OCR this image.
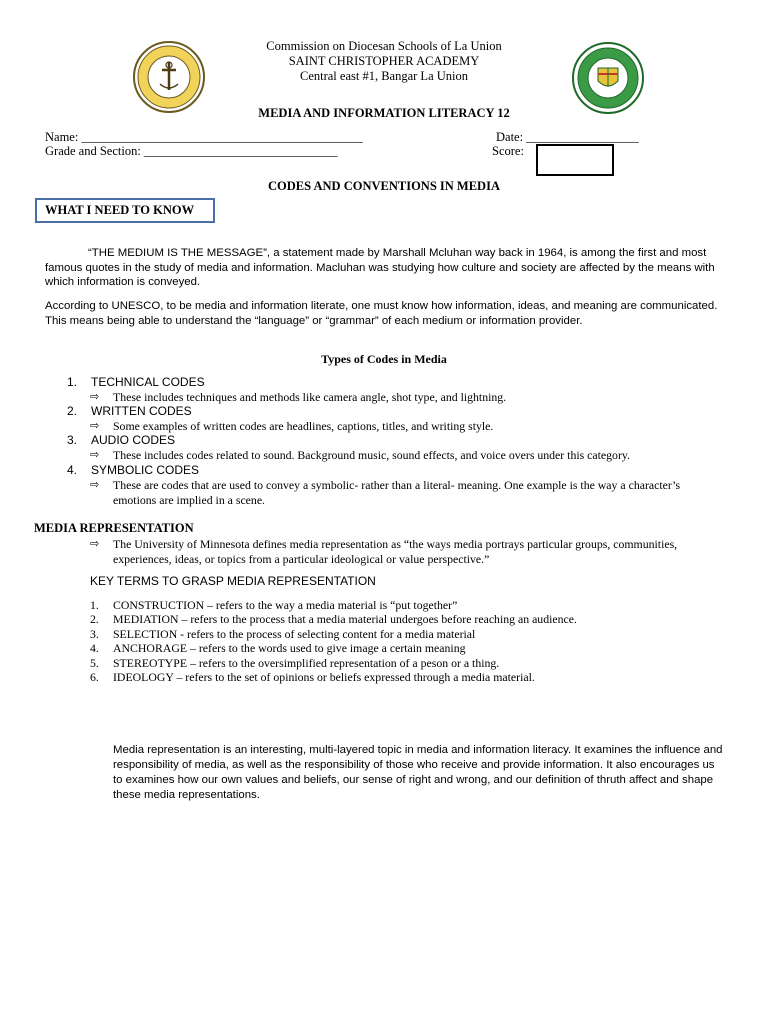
Commission on Diocesan Schools of La Union
SAINT CHRISTOPHER ACADEMY
Central east #1, Bangar La Union
MEDIA AND INFORMATION LITERACY 12
Name: _____________________________________________	Date: __________________
Grade and Section: _______________________________	Score:
CODES AND CONVENTIONS IN MEDIA
WHAT I NEED TO KNOW

“THE MEDIUM IS THE MESSAGE”, a statement made by Marshall Mcluhan way back in 1964, is among the first and most famous quotes in the study of media and information. Macluhan was studying how culture and society are affected by the means with which information is conveyed.

According to UNESCO, to be media and information literate, one must know how information, ideas, and meaning are communicated. This means being able to understand the “language” or “grammar” of each medium or information provider.

Types of Codes in Media
1. TECHNICAL CODES
⇨ These includes techniques and methods like camera angle, shot type, and lightning.
2. WRITTEN CODES
⇨ Some examples of written codes are headlines, captions, titles, and writing style.
3. AUDIO CODES
⇨ These includes codes related to sound. Background music, sound effects, and voice overs under this category.
4. SYMBOLIC CODES
⇨ These are codes that are used to convey a symbolic- rather than a literal- meaning. One example is the way a character’s emotions are implied in a scene.
MEDIA REPRESENTATION
⇨ The University of Minnesota defines media representation as “the ways media portrays particular groups, communities, experiences, ideas, or topics from a particular ideological or value perspective.”
KEY TERMS TO GRASP MEDIA REPRESENTATION
1. CONSTRUCTION – refers to the way a media material is “put together”
2. MEDIATION – refers to the process that a media material undergoes before reaching an audience.
3. SELECTION - refers to the process of selecting content for a media material
4. ANCHORAGE – refers to the words used to give image a certain meaning
5. STEREOTYPE – refers to the oversimplified representation of a peson or a thing.
6. IDEOLOGY – refers to the set of opinions or beliefs expressed through a media material.

Media representation is an interesting, multi-layered topic in media and information literacy. It examines the influence and responsibility of media, as well as the responsibility of those who receive and provide information. It also encourages us to examines how our own values and beliefs, our sense of right and wrong, and our definition of thruth affect and shape these media representations.
